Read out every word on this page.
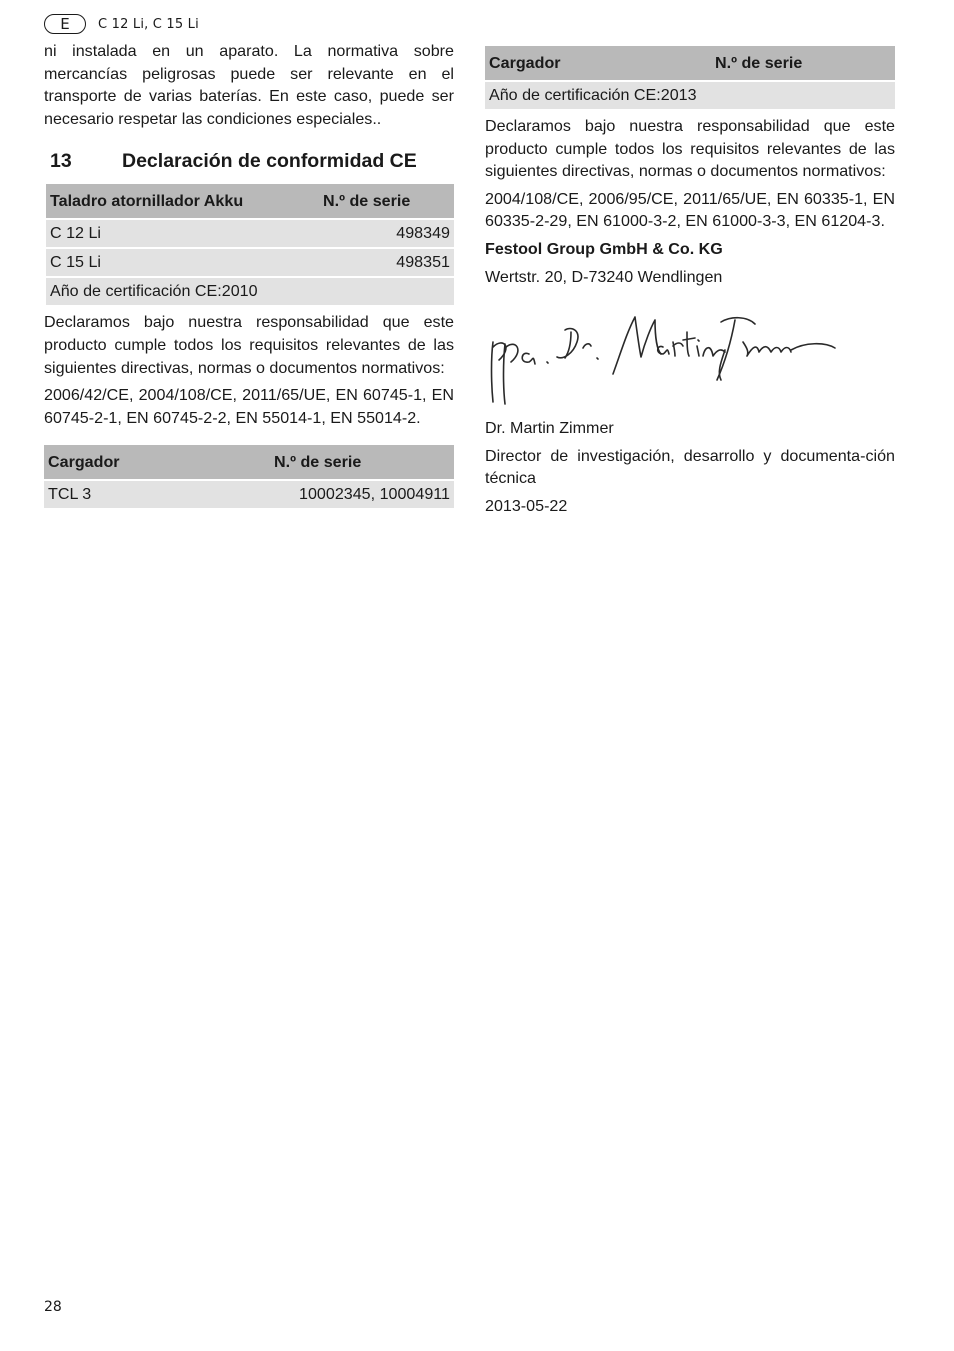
E	C 12 Li, C 15 Li

ni instalada en un aparato. La normativa sobre mercancías peligrosas puede ser relevante en el transporte de varias baterías. En este caso, puede ser necesario respetar las condiciones especiales..

13	Declaración de conformidad CE
Taladro atornillador Akku	N.º de serie
C 12 Li	498349
C 15 Li	498351
Año de certificación CE:2010	

Declaramos bajo nuestra responsabilidad que este producto cumple todos los requisitos relevantes de las siguientes directivas, normas o documentos normativos:

2006/42/CE, 2004/108/CE, 2011/65/UE, EN 60745-1, EN 60745-2-1, EN 60745-2-2, EN 55014-1, EN 55014-2.

Cargador	N.º de serie
TCL 3	10002345, 10004911
Cargador	N.º de serie
Año de certificación CE:2013

Declaramos bajo nuestra responsabilidad que este producto cumple todos los requisitos relevantes de las siguientes directivas, normas o documentos normativos:

2004/108/CE, 2006/95/CE, 2011/65/UE, EN 60335-1, EN 60335-2-29, EN 61000-3-2, EN 61000-3-3, EN 61204-3.

Festool Group GmbH & Co. KG

Wertstr. 20, D-73240 Wendlingen

Dr. Martin Zimmer

Director de investigación, desarrollo y documenta-ción técnica

2013-05-22

28
